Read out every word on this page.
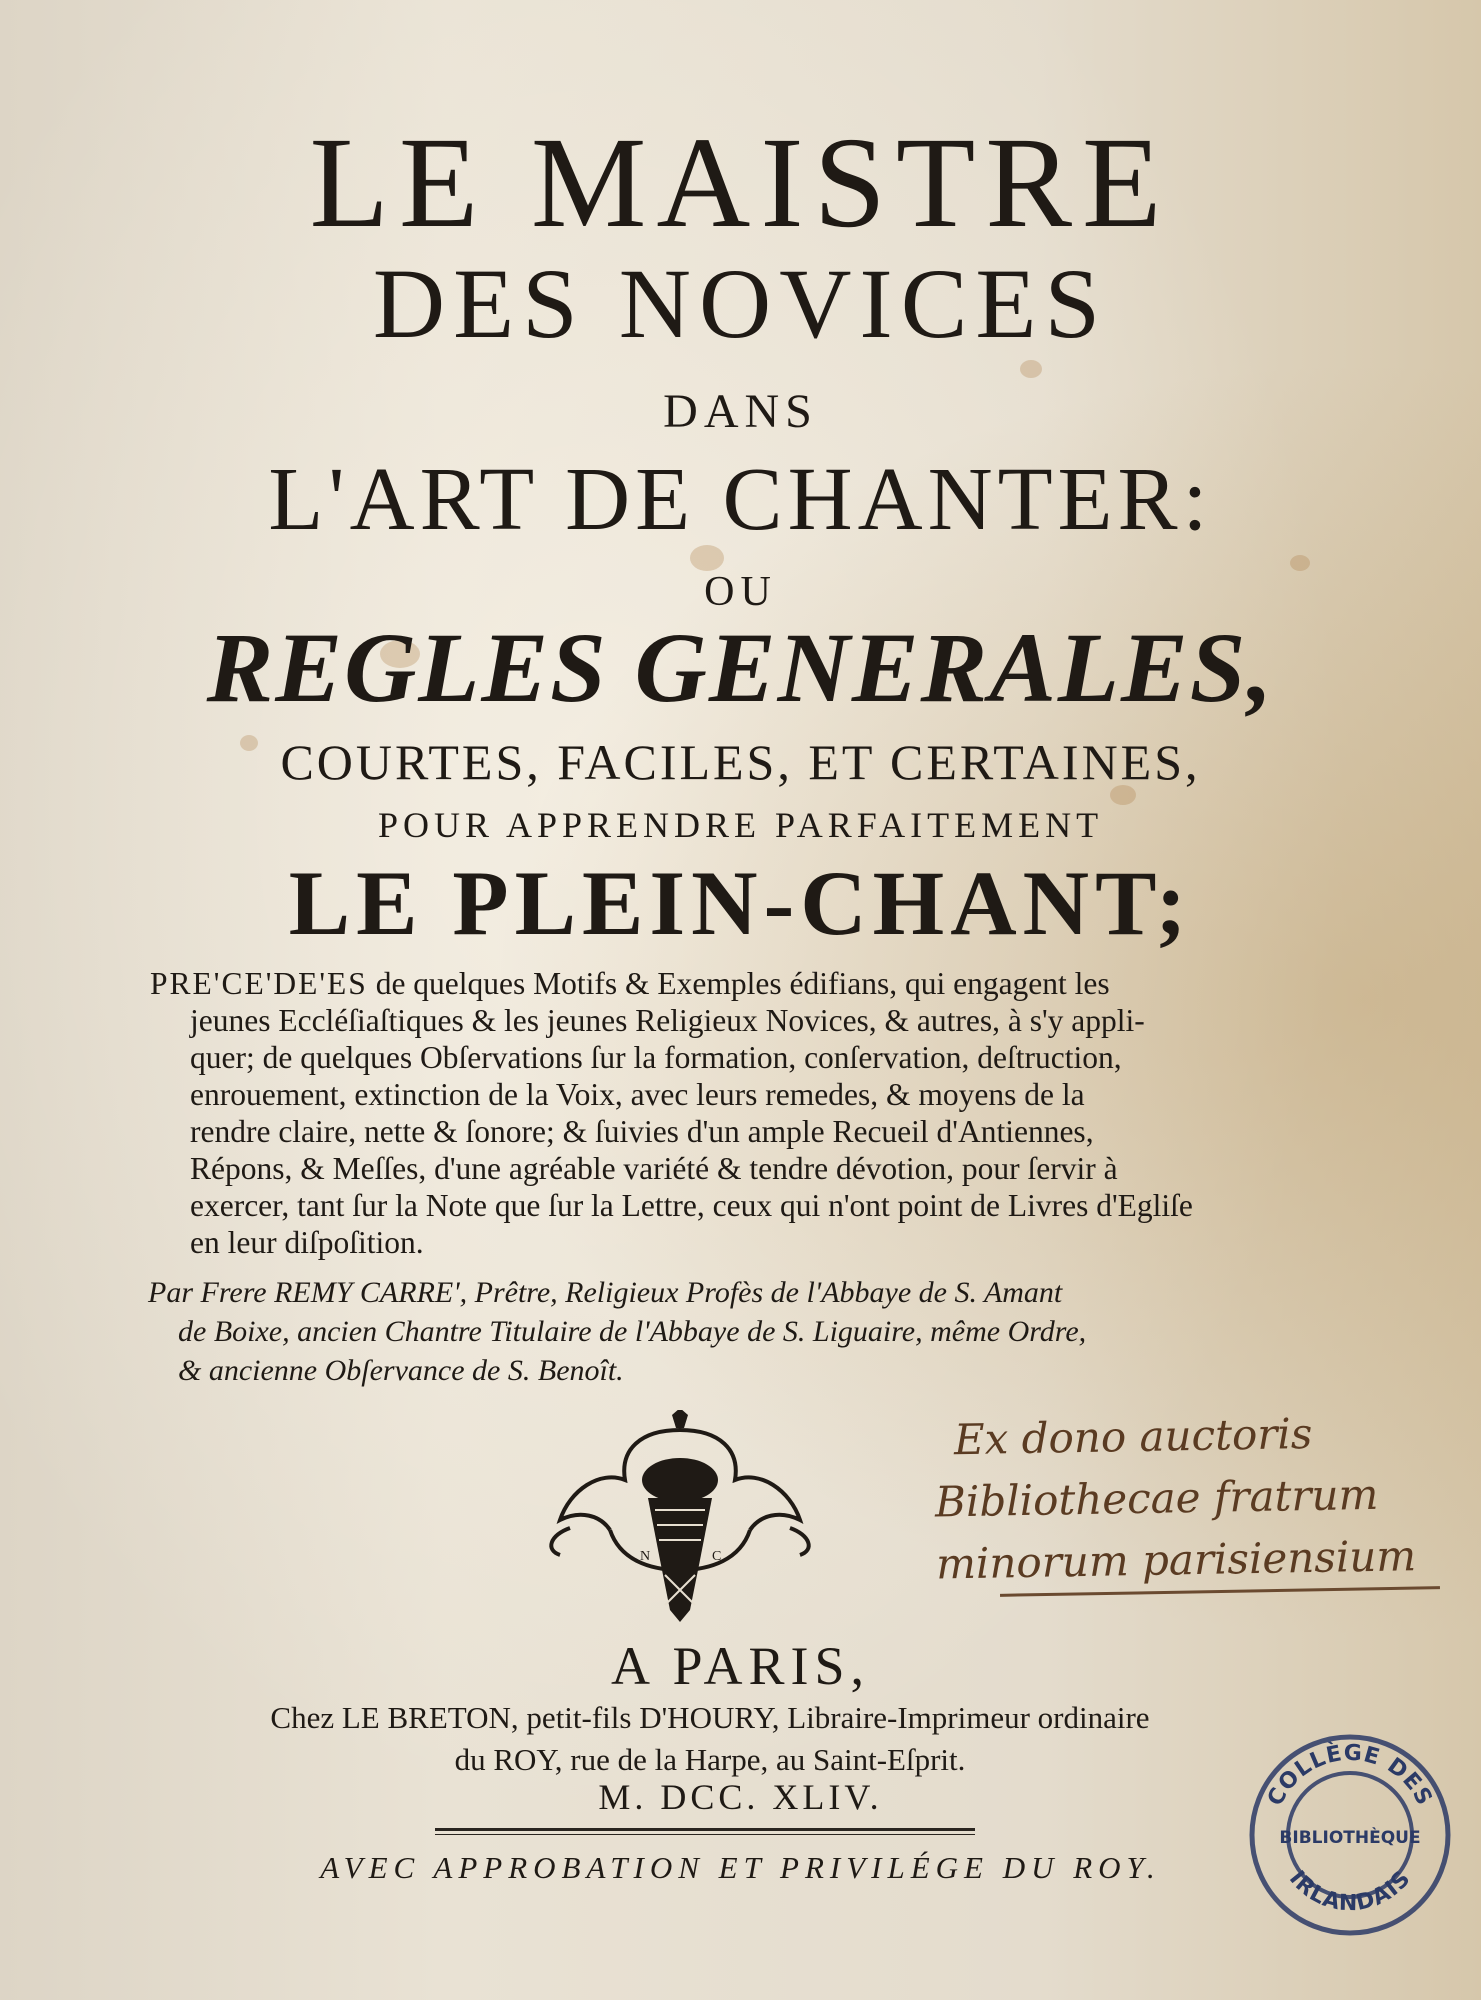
LE MAISTRE
DES NOVICES
DANS
L'ART DE CHANTER:
OU
REGLES GENERALES,
COURTES, FACILES, ET CERTAINES,
POUR APPRENDRE PARFAITEMENT
LE PLEIN-CHANT;
PRE'CE'DE'ES de quelques Motifs & Exemples édifians, qui engagent les
jeunes Eccléſiaſtiques & les jeunes Religieux Novices, & autres, à s'y appli-
quer; de quelques Obſervations ſur la formation, conſervation, deſtruction,
enrouement, extinction de la Voix, avec leurs remedes, & moyens de la
rendre claire, nette & ſonore; & ſuivies d'un ample Recueil d'Antiennes,
Répons, & Meſſes, d'une agréable variété & tendre dévotion, pour ſervir à
exercer, tant ſur la Note que ſur la Lettre, ceux qui n'ont point de Livres d'Egliſe
en leur diſpoſition.
Par Frere REMY CARRE', Prêtre, Religieux Profès de l'Abbaye de S. Amant
de Boixe, ancien Chantre Titulaire de l'Abbaye de S. Liguaire, même Ordre,
& ancienne Obſervance de S. Benoît.
N	C
Ex dono auctoris
Bibliothecae fratrum
minorum parisiensium
A PARIS,
Chez LE BRETON, petit-fils D'HOURY, Libraire-Imprimeur ordinaire
du ROY, rue de la Harpe, au Saint-Eſprit.
M. DCC. XLIV.
AVEC APPROBATION ET PRIVILÉGE DU ROY.
COLLÈGE DES
BIBLIOTHÈQUE
IRLANDAIS
